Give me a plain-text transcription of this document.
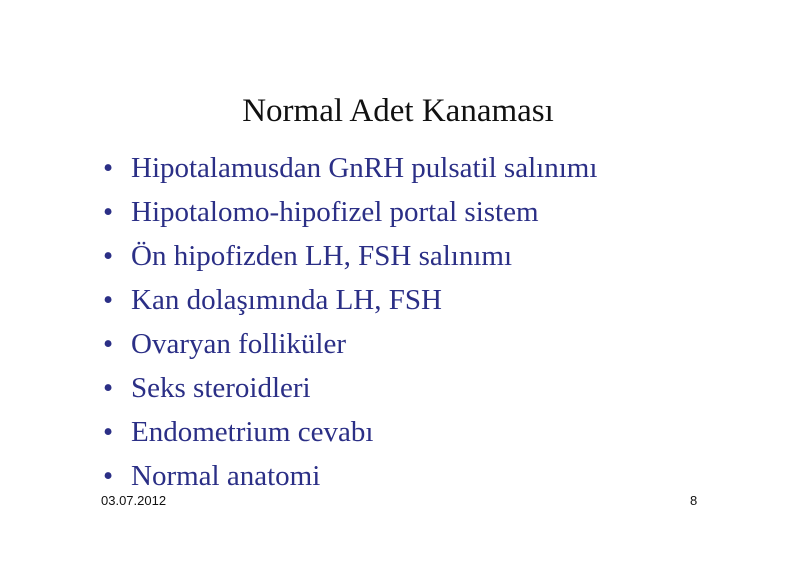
Normal Adet Kanaması
• Hipotalamusdan GnRH pulsatil salınımı
• Hipotalomo-hipofizel portal sistem
• Ön hipofizden LH, FSH salınımı
• Kan dolaşımında LH, FSH
• Ovaryan folliküler
• Seks steroidleri
• Endometrium cevabı
• Normal anatomi
03.07.2012	8
